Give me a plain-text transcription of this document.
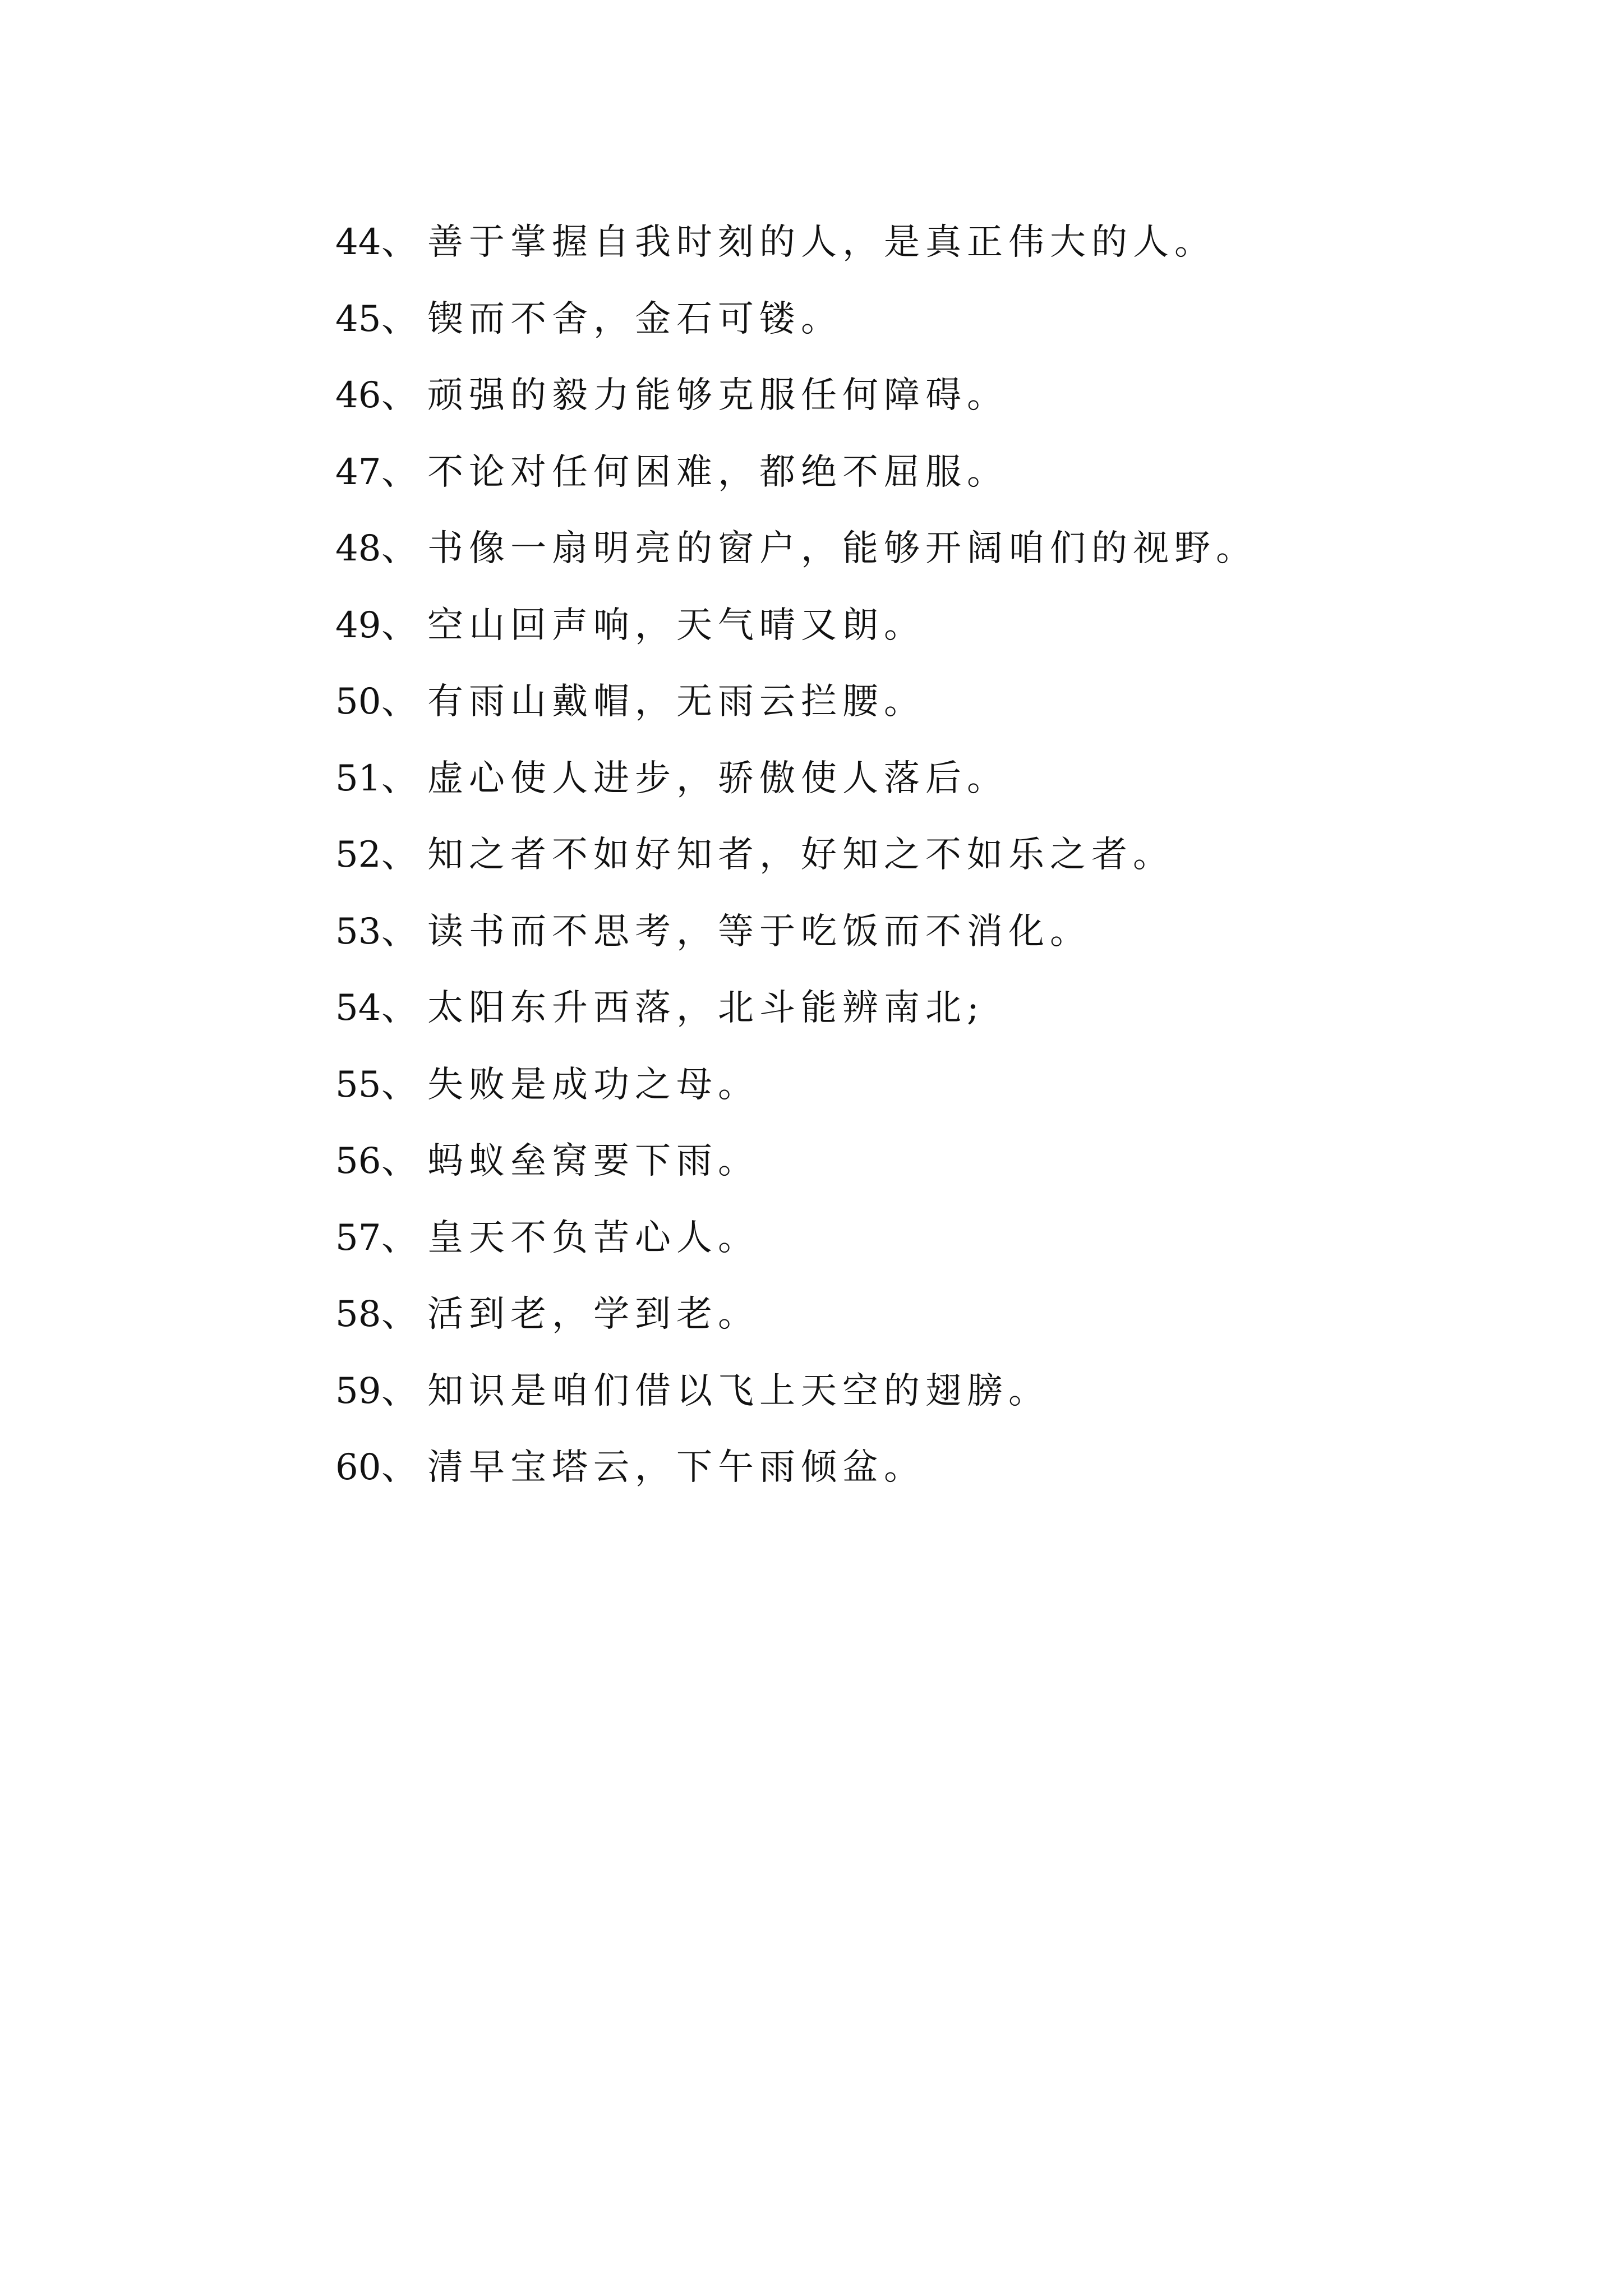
44 、 善于掌握自我时刻的人，是真正伟大的人。
45 、 锲而不舍，金石可镂。
46 、 顽强的毅力能够克服任何障碍。
47 、 不论对任何困难，都绝不屈服。
48 、 书像一扇明亮的窗户，能够开阔咱们的视野。
49 、 空山回声响，天气晴又朗。
50 、 有雨山戴帽，无雨云拦腰。
51 、 虚心使人进步，骄傲使人落后。
52 、 知之者不如好知者，好知之不如乐之者。
53 、 读书而不思考，等于吃饭而不消化。
54 、 太阳东升西落，北斗能辨南北;
55 、 失败是成功之母。
56 、 蚂蚁垒窝要下雨。
57 、 皇天不负苦心人。
58 、 活到老，学到老。
59 、 知识是咱们借以飞上天空的翅膀。
60 、 清早宝塔云，下午雨倾盆。
